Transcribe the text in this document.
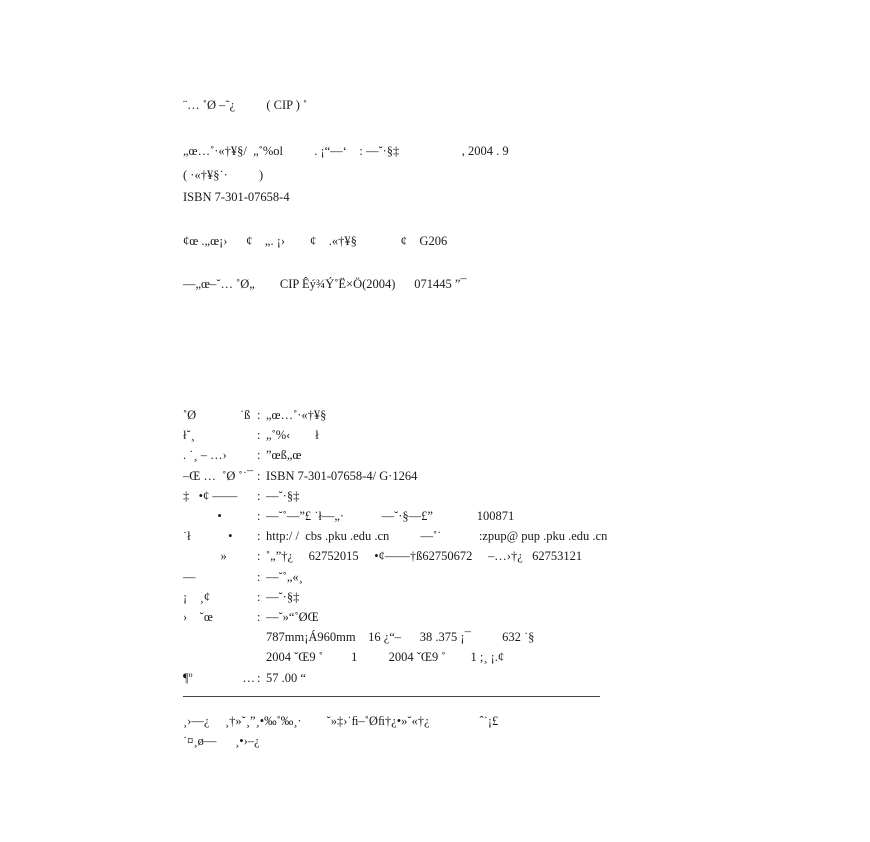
¨… ˚Ø –˜¿          ( CIP ) ˚
„œ…˚·«†¥§/  „˚%ol          . ¡“—‘    : —˘·§‡                    , 2004 . 9
( ·«†¥§˙·          )
ISBN 7-301-07658-4
¢œ .„œ¡›      ¢    „. ¡›        ¢    .«†¥§              ¢    G206
—„œ–˘… ˚Ø„        CIP Êý¾Ý˚Ë×Ö(2004)      071445 ”¯
˚Ø              ˙ß : „œ…˚·«†¥§
ł˘¸	: „˚%‹        ł
. ˙¸ – …›	: ”œß„œ
–Œ …  ˚Ø ˚˙¯ : ISBN 7-301-07658-4/ G·1264
‡   •¢ ——	: —˘·§‡
•	: —˘˚—”£ ˙ł—„·            —˘·§—£”              100871
˙ł            •	: http:/ /  cbs .pku .edu .cn          —˚˙            :zpup@ pup .pku .edu .cn
»	: ˚„”†¿     62752015     •¢——†ß62750672     –…›†¿   62753121
—	: —˘˚„«¸
¡    ¸¢	: —˘·§‡
›    ˘œ	: —˘»“˚ØŒ
787mm¡Á960mm    16 ¿“–      38 .375 ¡¯          632 ˙§
2004 ˇŒ9 ˚         1          2004 ˇŒ9 ˚        1 ;¸ ¡.¢
¶º                … : 57 .00 “
¸›—¿     ¸†»˘¸”¸•‰˚‰¸·        ˘»‡›˙ﬁ–˚Øﬁ†¿•»˘«†¿                ˆ˙¡£
˙¤¸ø—      ¸•›–¿
